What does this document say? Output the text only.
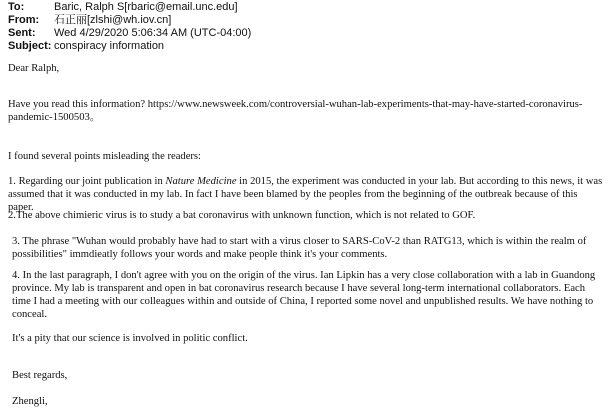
To:	Baric, Ralph S[rbaric@email.unc.edu]
From:	石正丽[zlshi@wh.iov.cn]
Sent:	Wed 4/29/2020 5:06:34 AM (UTC-04:00)
Subject: conspiracy information
Dear Ralph,
Have you read this information? https://www.newsweek.com/controversial-wuhan-lab-experiments-that-may-have-started-coronavirus-
pandemic-1500503。
I found several points misleading the readers:
1. Regarding our joint publication in Nature Medicine in 2015, the experiment was conducted in your lab. But according to this news, it was assumed that it was conducted in my lab. In fact I have been blamed by the peoples from the beginning of the outbreak because of this paper.
2.The above chimieric virus is to study a bat coronavirus with unknown function, which is not related to GOF.
3. The phrase "Wuhan would probably have had to start with a virus closer to SARS-CoV-2 than RATG13, which is within the realm of possibilities" immdieatly follows your words and make people think it's your comments.
4. In the last paragraph, I don't agree with you on the origin of the virus. Ian Lipkin has a very close collaboration with a lab in Guandong province. My lab is transparent and open in bat coronavirus research because I have several long-term international collaborators. Each time I had a meeting with our colleagues within and outside of China, I reported some novel and unpublished results. We have nothing to conceal.
It's a pity that our science is involved in politic conflict.
Best regards,
Zhengli,
